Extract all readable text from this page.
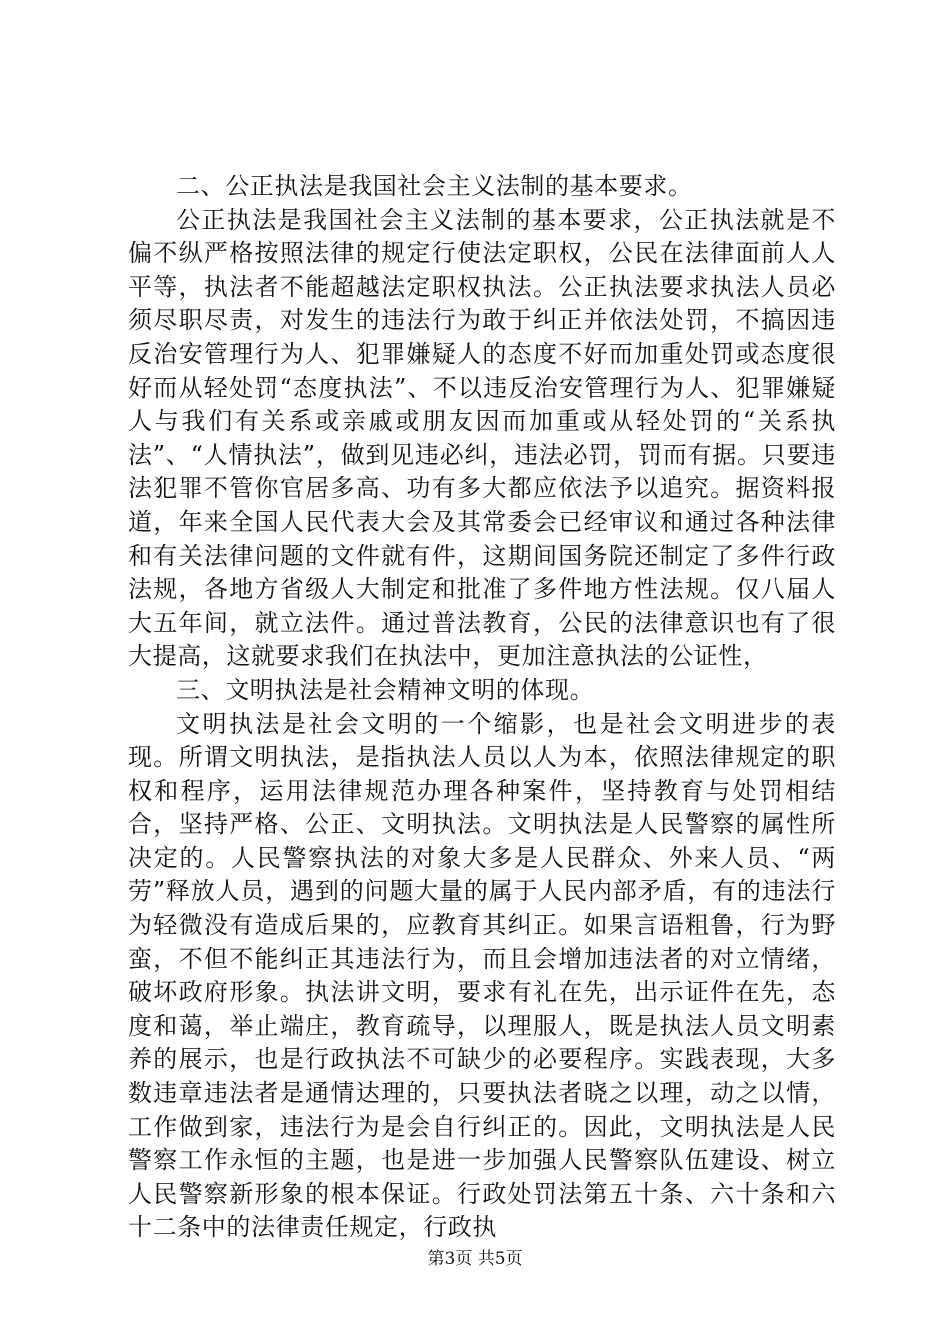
二、公正执法是我国社会主义法制的基本要求。

公正执法是我国社会主义法制的基本要求，公正执法就是不偏不纵严格按照法律的规定行使法定职权，公民在法律面前人人平等，执法者不能超越法定职权执法。公正执法要求执法人员必须尽职尽责，对发生的违法行为敢于纠正并依法处罚，不搞因违反治安管理行为人、犯罪嫌疑人的态度不好而加重处罚或态度很好而从轻处罚“态度执法”、不以违反治安管理行为人、犯罪嫌疑人与我们有关系或亲戚或朋友因而加重或从轻处罚的“关系执法”、“人情执法”，做到见违必纠，违法必罚，罚而有据。只要违法犯罪不管你官居多高、功有多大都应依法予以追究。据资料报道，年来全国人民代表大会及其常委会已经审议和通过各种法律和有关法律问题的文件就有件，这期间国务院还制定了多件行政法规，各地方省级人大制定和批准了多件地方性法规。仅八届人大五年间，就立法件。通过普法教育，公民的法律意识也有了很大提高，这就要求我们在执法中，更加注意执法的公证性，

三、文明执法是社会精神文明的体现。

文明执法是社会文明的一个缩影，也是社会文明进步的表现。所谓文明执法，是指执法人员以人为本，依照法律规定的职权和程序，运用法律规范办理各种案件，坚持教育与处罚相结合，坚持严格、公正、文明执法。文明执法是人民警察的属性所决定的。人民警察执法的对象大多是人民群众、外来人员、“两劳”释放人员，遇到的问题大量的属于人民内部矛盾，有的违法行为轻微没有造成后果的，应教育其纠正。如果言语粗鲁，行为野蛮，不但不能纠正其违法行为，而且会增加违法者的对立情绪，破坏政府形象。执法讲文明，要求有礼在先，出示证件在先，态度和蔼，举止端庄，教育疏导，以理服人，既是执法人员文明素养的展示，也是行政执法不可缺少的必要程序。实践表现，大多数违章违法者是通情达理的，只要执法者晓之以理，动之以情，工作做到家，违法行为是会自行纠正的。因此，文明执法是人民警察工作永恒的主题，也是进一步加强人民警察队伍建设、树立人民警察新形象的根本保证。行政处罚法第五十条、六十条和六十二条中的法律责任规定，行政执

第3页 共5页
